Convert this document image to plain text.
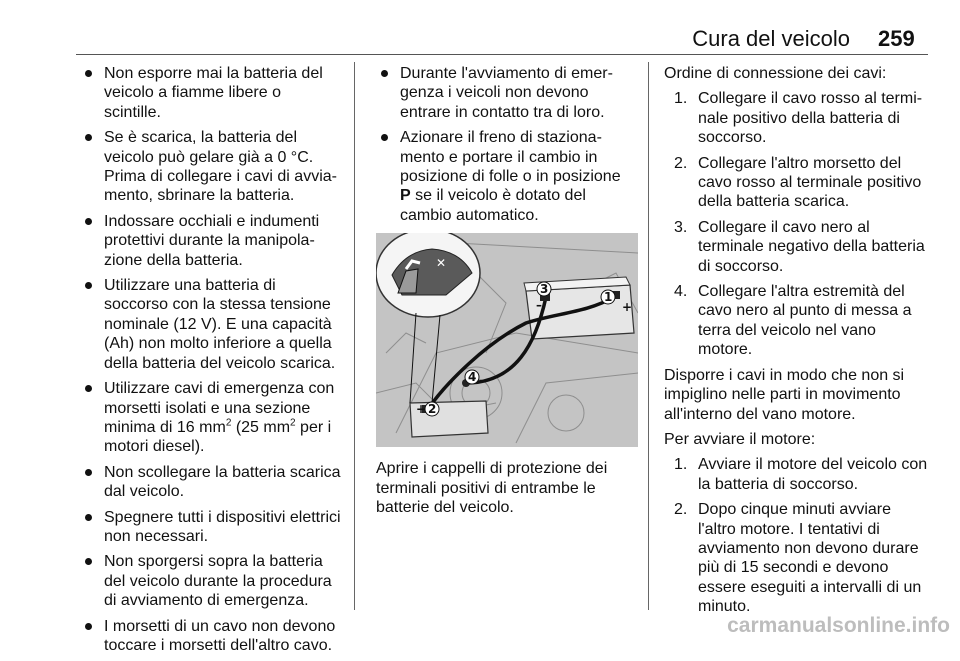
Cura del veicolo 259
Non esporre mai la batteria del veicolo a fiamme libere o scintille.
Se è scarica, la batteria del veicolo può gelare già a 0 °C. Prima di collegare i cavi di avviamento, sbrinare la batteria.
Indossare occhiali e indumenti protettivi durante la manipolazione della batteria.
Utilizzare una batteria di soccorso con la stessa tensione nominale (12 V). E una capacità (Ah) non molto inferiore a quella della batteria del veicolo scarica.
Utilizzare cavi di emergenza con morsetti isolati e una sezione minima di 16 $mm^2$ (25 $mm^2$ per i motori diesel).
Non scollegare la batteria scarica dal veicolo.
Spegnere tutti i dispositivi elettrici non necessari.
Non sporgersi sopra la batteria del veicolo durante la procedura di avviamento di emergenza.
I morsetti di un cavo non devono toccare i morsetti dell'altro cavo.
Durante l'avviamento di emergenza i veicoli non devono entrare in contatto tra di loro.
Azionare il freno di stazionamento e portare il cambio in posizione di folle o in posizione P se il veicolo è dotato del cambio automatico.
✕
1
+
3
–
2
+
4

Aprire i cappelli di protezione dei terminali positivi di entrambe le batterie del veicolo.

Ordine di connessione dei cavi:

1. Collegare il cavo rosso al terminale positivo della batteria di soccorso.
2. Collegare l'altro morsetto del cavo rosso al terminale positivo della batteria scarica.
3. Collegare il cavo nero al terminale negativo della batteria di soccorso.
4. Collegare l'altra estremità del cavo nero al punto di messa a terra del veicolo nel vano motore.

Disporre i cavi in modo che non si impiglino nelle parti in movimento all'interno del vano motore.

Per avviare il motore:

1. Avviare il motore del veicolo con la batteria di soccorso.
2. Dopo cinque minuti avviare l'altro motore. I tentativi di avviamento non devono durare più di 15 secondi e devono essere eseguiti a intervalli di un minuto.
carmanualsonline.info
